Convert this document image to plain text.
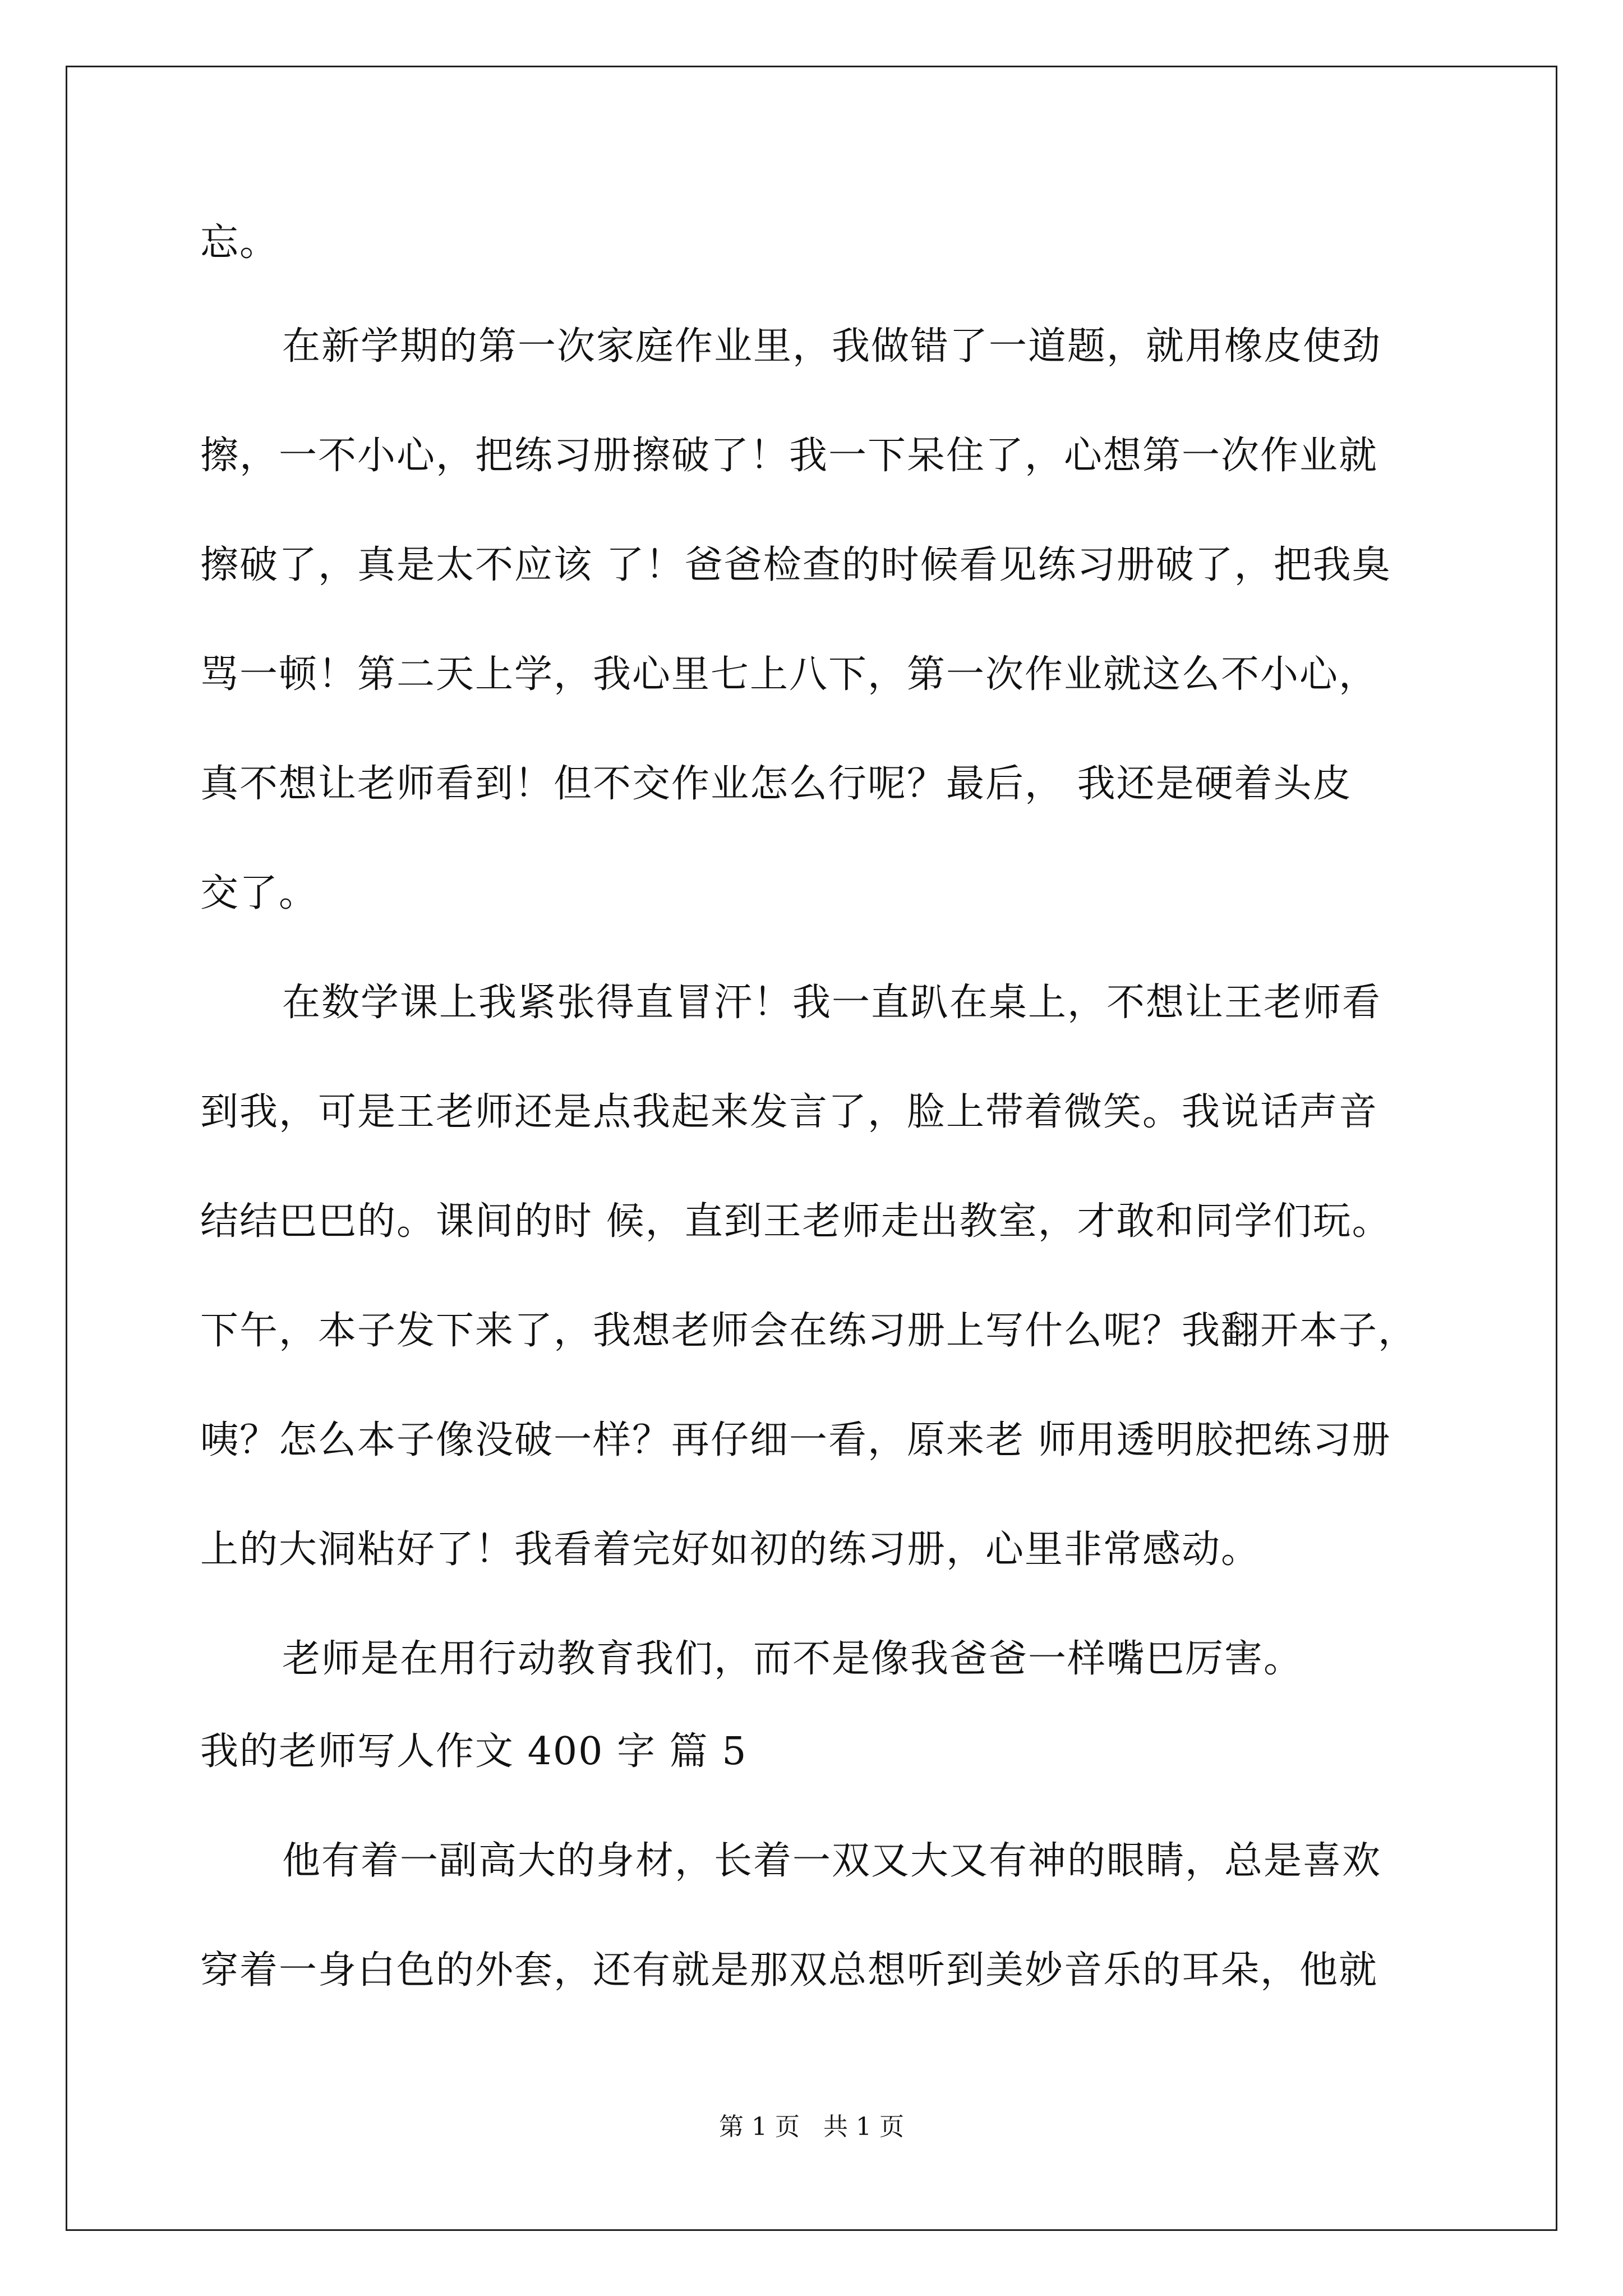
忘。
在新学期的第一次家庭作业里，我做错了一道题，就用橡皮使劲
擦，一不小心，把练习册擦破了！我一下呆住了，心想第一次作业就
擦破了，真是太不应该 了！爸爸检查的时候看见练习册破了，把我臭
骂一顿！第二天上学，我心里七上八下，第一次作业就这么不小心，
真不想让老师看到！但不交作业怎么行呢？最后， 我还是硬着头皮
交了。
在数学课上我紧张得直冒汗！我一直趴在桌上，不想让王老师看
到我，可是王老师还是点我起来发言了，脸上带着微笑。我说话声音
结结巴巴的。课间的时 候，直到王老师走出教室，才敢和同学们玩。
下午，本子发下来了，我想老师会在练习册上写什么呢？我翻开本子，
咦？怎么本子像没破一样？再仔细一看，原来老 师用透明胶把练习册
上的大洞粘好了！我看着完好如初的练习册，心里非常感动。
老师是在用行动教育我们，而不是像我爸爸一样嘴巴厉害。
我的老师写人作文 400 字 篇 5
他有着一副高大的身材，长着一双又大又有神的眼睛，总是喜欢
穿着一身白色的外套，还有就是那双总想听到美妙音乐的耳朵，他就
第 1 页   共 1 页
